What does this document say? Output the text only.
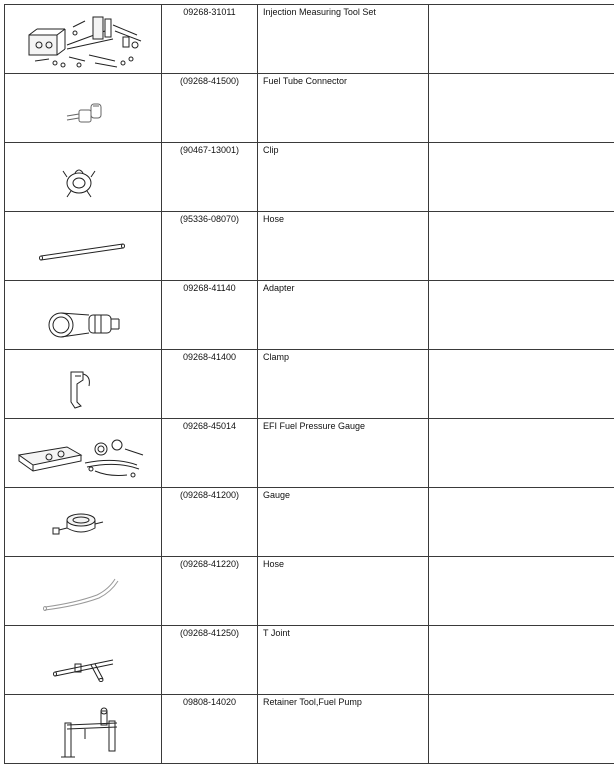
09268-31011	Injection Measuring Tool Set	

(09268-41500)	Fuel Tube Connector	

(90467-13001)	Clip	

(95336-08070)	Hose	

09268-41140	Adapter	

09268-41400	Clamp	

09268-45014	EFI Fuel Pressure Gauge	

(09268-41200)	Gauge	

(09268-41220)	Hose	

(09268-41250)	T Joint	

09808-14020	Retainer Tool,Fuel Pump	
